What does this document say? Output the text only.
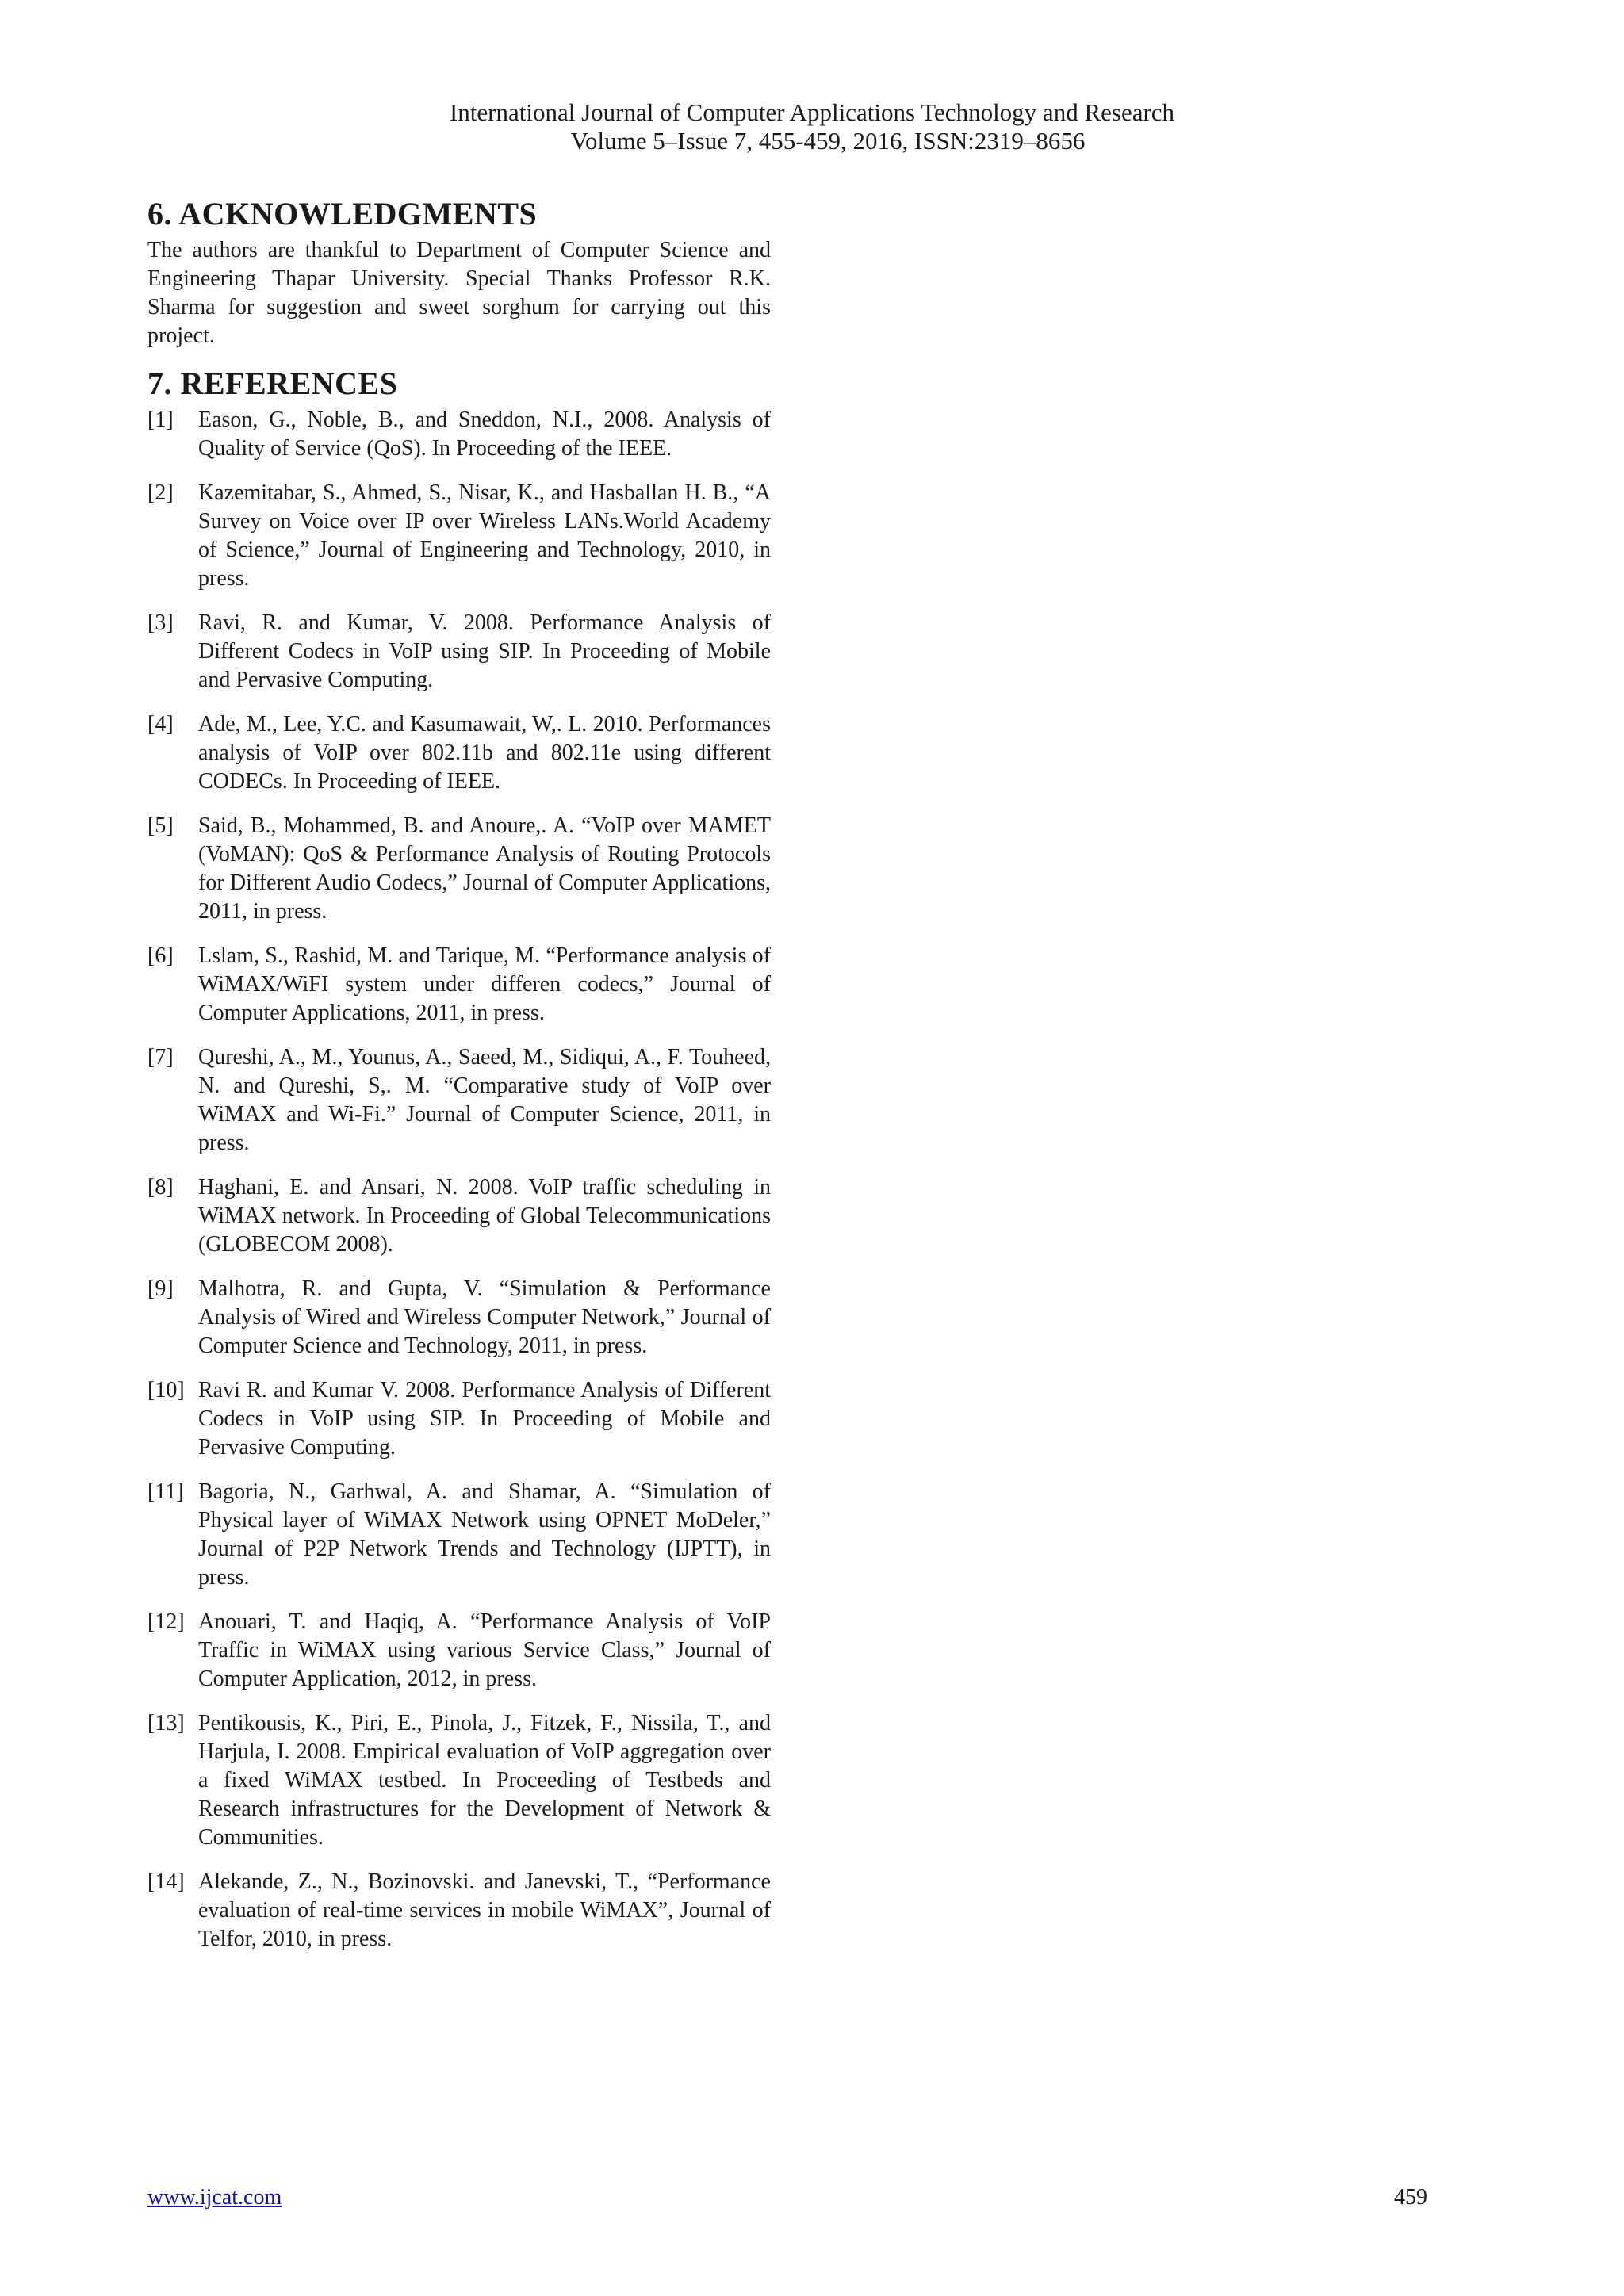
International Journal of Computer Applications Technology and Research
Volume 5–Issue 7, 455-459, 2016, ISSN:2319–8656
6. ACKNOWLEDGMENTS

The authors are thankful to Department of Computer Science and Engineering Thapar University. Special Thanks Professor R.K. Sharma for suggestion and sweet sorghum for carrying out this project.

7. REFERENCES
[1]	Eason, G., Noble, B., and Sneddon, N.I., 2008. Analysis of Quality of Service (QoS). In Proceeding of the IEEE.
[2]	Kazemitabar, S., Ahmed, S., Nisar, K., and Hasballan H. B., “A Survey on Voice over IP over Wireless LANs.World Academy of Science,” Journal of Engineering and Technology, 2010, in press.
[3]	Ravi, R. and Kumar, V. 2008. Performance Analysis of Different Codecs in VoIP using SIP. In Proceeding of Mobile and Pervasive Computing.
[4]	Ade, M., Lee, Y.C. and Kasumawait, W,. L. 2010. Performances analysis of VoIP over 802.11b and 802.11e using different CODECs. In Proceeding of IEEE.
[5]	Said, B., Mohammed, B. and Anoure,. A. “VoIP over MAMET (VoMAN): QoS & Performance Analysis of Routing Protocols for Different Audio Codecs,” Journal of Computer Applications, 2011, in press.
[6]	Lslam, S., Rashid, M. and Tarique, M. “Performance analysis of WiMAX/WiFI system under differen codecs,” Journal of Computer Applications, 2011, in press.
[7]	Qureshi, A., M., Younus, A., Saeed, M., Sidiqui, A., F. Touheed, N. and Qureshi, S,. M. “Comparative study of VoIP over WiMAX and Wi-Fi.” Journal of Computer Science, 2011, in press.
[8]	Haghani, E. and Ansari, N. 2008. VoIP traffic scheduling in WiMAX network. In Proceeding of Global Telecommunications (GLOBECOM 2008).
[9]	Malhotra, R. and Gupta, V. “Simulation & Performance Analysis of Wired and Wireless Computer Network,” Journal of Computer Science and Technology, 2011, in press.
[10] Ravi R. and Kumar V. 2008. Performance Analysis of Different Codecs in VoIP using SIP. In Proceeding of Mobile and Pervasive Computing.
[11] Bagoria, N., Garhwal, A. and Shamar, A. “Simulation of Physical layer of WiMAX Network using OPNET MoDeler,” Journal of P2P Network Trends and Technology (IJPTT), in press.
[12] Anouari, T. and Haqiq, A. “Performance Analysis of VoIP Traffic in WiMAX using various Service Class,” Journal of Computer Application, 2012, in press.
[13] Pentikousis, K., Piri, E., Pinola, J., Fitzek, F., Nissila, T., and Harjula, I. 2008. Empirical evaluation of VoIP aggregation over a fixed WiMAX testbed. In Proceeding of Testbeds and Research infrastructures for the Development of Network & Communities.
[14] Alekande, Z., N., Bozinovski. and Janevski, T., “Performance evaluation of real-time services in mobile WiMAX”, Journal of Telfor, 2010, in press.
www.ijcat.com	459
